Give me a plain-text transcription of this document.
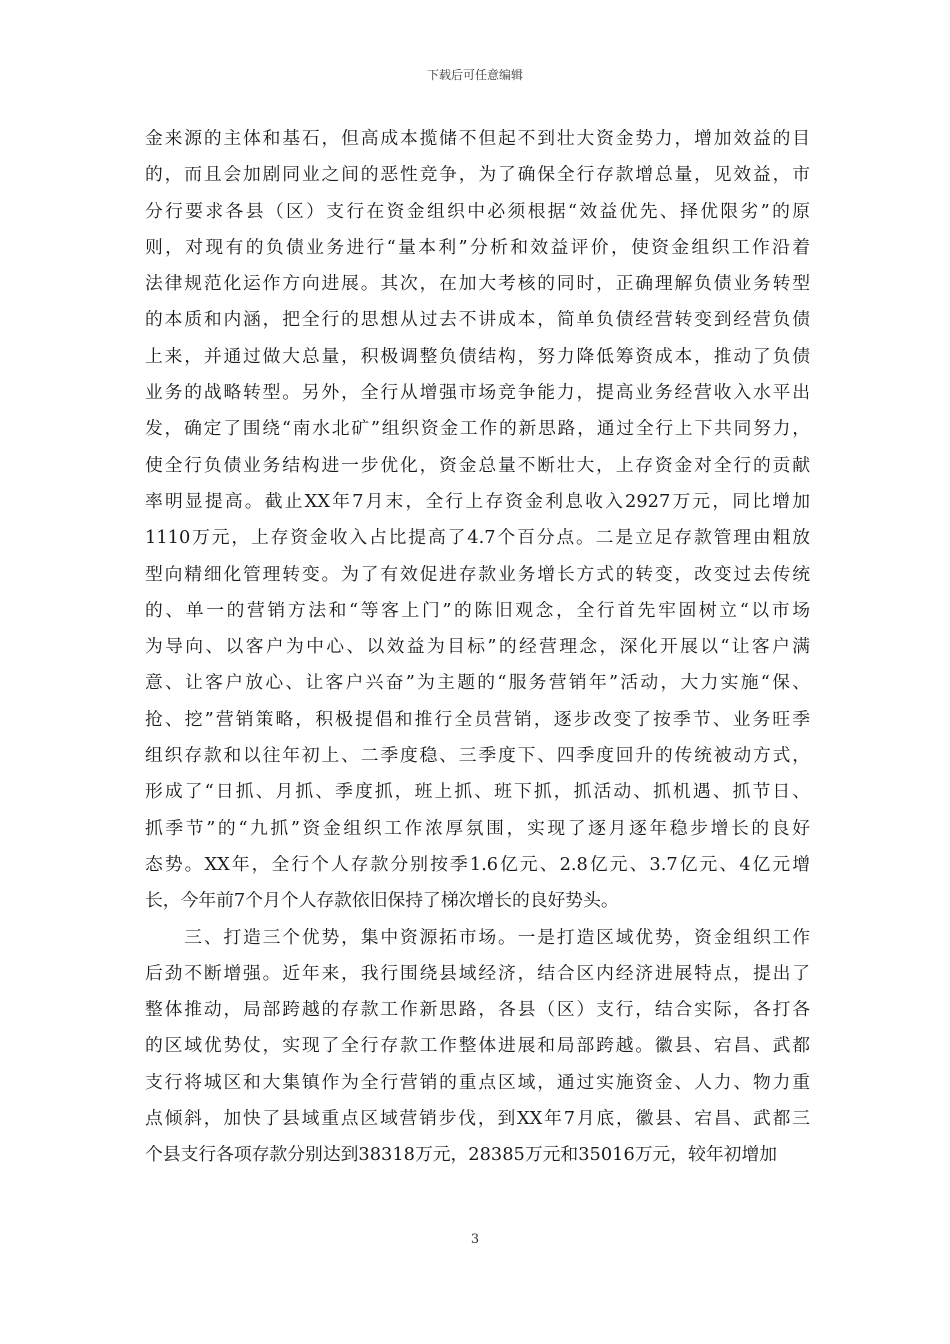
下载后可任意编辑
金来源的主体和基石，但高成本揽储不但起不到壮大资金势力，增加效益的目
的，而且会加剧同业之间的恶性竞争，为了确保全行存款增总量，见效益，市
分行要求各县（区）支行在资金组织中必须根据“效益优先、择优限劣”的原
则，对现有的负债业务进行“量本利”分析和效益评价，使资金组织工作沿着
法律规范化运作方向进展。其次，在加大考核的同时，正确理解负债业务转型
的本质和内涵，把全行的思想从过去不讲成本，简单负债经营转变到经营负债
上来，并通过做大总量，积极调整负债结构，努力降低筹资成本，推动了负债
业务的战略转型。另外，全行从增强市场竞争能力，提高业务经营收入水平出
发，确定了围绕“南水北矿”组织资金工作的新思路，通过全行上下共同努力，
使全行负债业务结构进一步优化，资金总量不断壮大，上存资金对全行的贡献
率明显提高。截止XX年7月末，全行上存资金利息收入2927万元，同比增加
1110万元，上存资金收入占比提高了4.7个百分点。二是立足存款管理由粗放
型向精细化管理转变。为了有效促进存款业务增长方式的转变，改变过去传统
的、单一的营销方法和“等客上门”的陈旧观念，全行首先牢固树立“以市场
为导向、以客户为中心、以效益为目标”的经营理念，深化开展以“让客户满
意、让客户放心、让客户兴奋”为主题的“服务营销年”活动，大力实施“保、
抢、挖”营销策略，积极提倡和推行全员营销，逐步改变了按季节、业务旺季
组织存款和以往年初上、二季度稳、三季度下、四季度回升的传统被动方式，
形成了“日抓、月抓、季度抓，班上抓、班下抓，抓活动、抓机遇、抓节日、
抓季节”的“九抓”资金组织工作浓厚氛围，实现了逐月逐年稳步增长的良好
态势。XX年，全行个人存款分别按季1.6亿元、2.8亿元、3.7亿元、4亿元增
长，今年前7个月个人存款依旧保持了梯次增长的良好势头。
　　三、打造三个优势，集中资源拓市场。一是打造区域优势，资金组织工作
后劲不断增强。近年来，我行围绕县域经济，结合区内经济进展特点，提出了
整体推动，局部跨越的存款工作新思路，各县（区）支行，结合实际，各打各
的区域优势仗，实现了全行存款工作整体进展和局部跨越。徽县、宕昌、武都
支行将城区和大集镇作为全行营销的重点区域，通过实施资金、人力、物力重
点倾斜，加快了县域重点区域营销步伐，到XX年7月底，徽县、宕昌、武都三
个县支行各项存款分别达到38318万元，28385万元和35016万元，较年初增加
3
